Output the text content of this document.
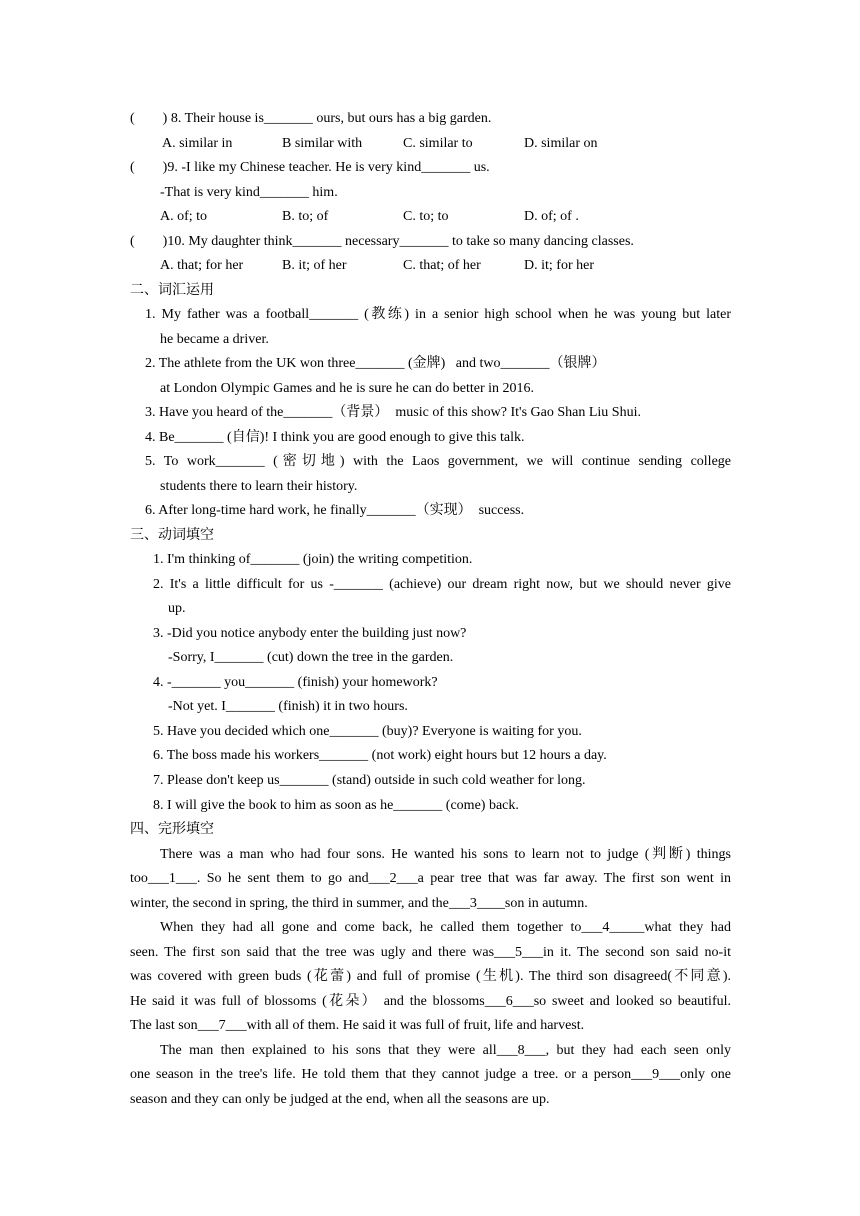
(        ) 8. Their house is_______ ours, but ours has a big garden.
A. similar in	B similar with	C. similar to	D. similar on
(        )9. -I like my Chinese teacher. He is very kind_______ us.
-That is very kind_______ him.
A. of; to	B. to; of	C. to; to	D. of; of .
(        )10. My daughter think_______ necessary_______ to take so many dancing classes.
A. that; for her	B. it; of her	C. that; of her	D. it; for her
二、词汇运用
1. My father was a football_______ (教练) in a senior high school when he was young but later
he became a driver.
2. The athlete from the UK won three_______ (金牌)   and two_______（银牌）
at London Olympic Games and he is sure he can do better in 2016.
3. Have you heard of the_______（背景）  music of this show? It's Gao Shan Liu Shui.
4. Be_______ (自信)! I think you are good enough to give this talk.
5. To work_______ (密切地) with the Laos government, we will continue sending college
students there to learn their history.
6. After long-time hard work, he finally_______（实现）  success.
三、动词填空
1. I'm thinking of_______ (join) the writing competition.
2. It's a little difficult for us -_______ (achieve) our dream right now, but we should never give
up.
3. -Did you notice anybody enter the building just now?
-Sorry, I_______ (cut) down the tree in the garden.
4. -_______ you_______ (finish) your homework?
-Not yet. I_______ (finish) it in two hours.
5. Have you decided which one_______ (buy)? Everyone is waiting for you.
6. The boss made his workers_______ (not work) eight hours but 12 hours a day.
7. Please don't keep us_______ (stand) outside in such cold weather for long.
8. I will give the book to him as soon as he_______ (come) back.
四、完形填空
There was a man who had four sons. He wanted his sons to learn not to judge (判断) things
too___1___. So he sent them to go and___2___a pear tree that was far away. The first son went in
winter, the second in spring, the third in summer, and the___3____son in autumn.
When they had all gone and come back, he called them together to___4_____what they had
seen. The first son said that the tree was ugly and there was___5___in it. The second son said no-it
was covered with green buds (花蕾) and full of promise (生机). The third son disagreed(不同意).
He said it was full of blossoms (花朵） and the blossoms___6___so sweet and looked so beautiful.
The last son___7___with all of them. He said it was full of fruit, life and harvest.
The man then explained to his sons that they were all___8___, but they had each seen only
one season in the tree's life. He told them that they cannot judge a tree. or a person___9___only one
season and they can only be judged at the end, when all the seasons are up.
